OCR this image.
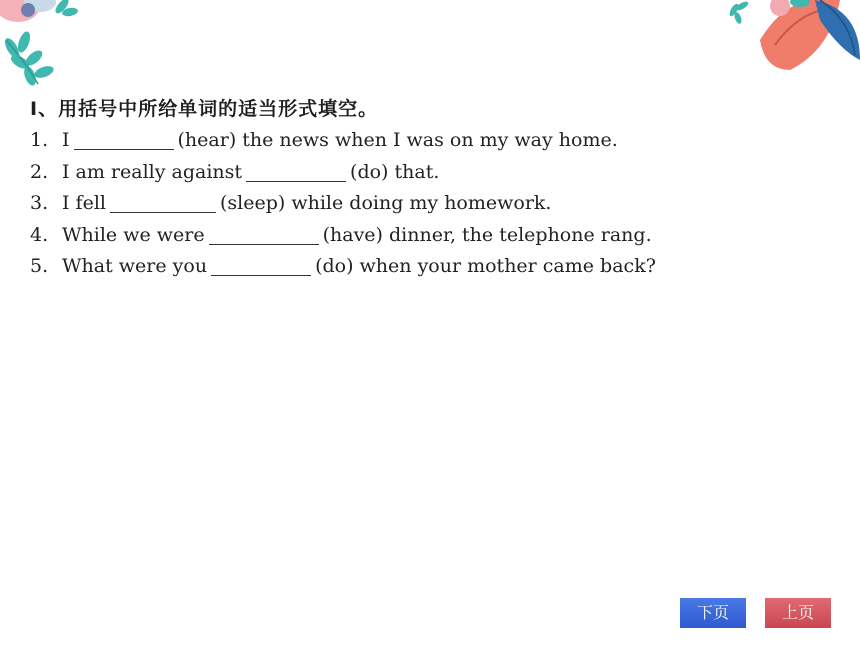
Ⅰ、用括号中所给单词的适当形式填空。
1. I	(hear) the news when I was on my way home.
2. I am really against	(do) that.
3. I fell	(sleep) while doing my homework.
4. While we were	(have) dinner, the telephone rang.
5. What were you	(do) when your mother came back?
下页	上页
